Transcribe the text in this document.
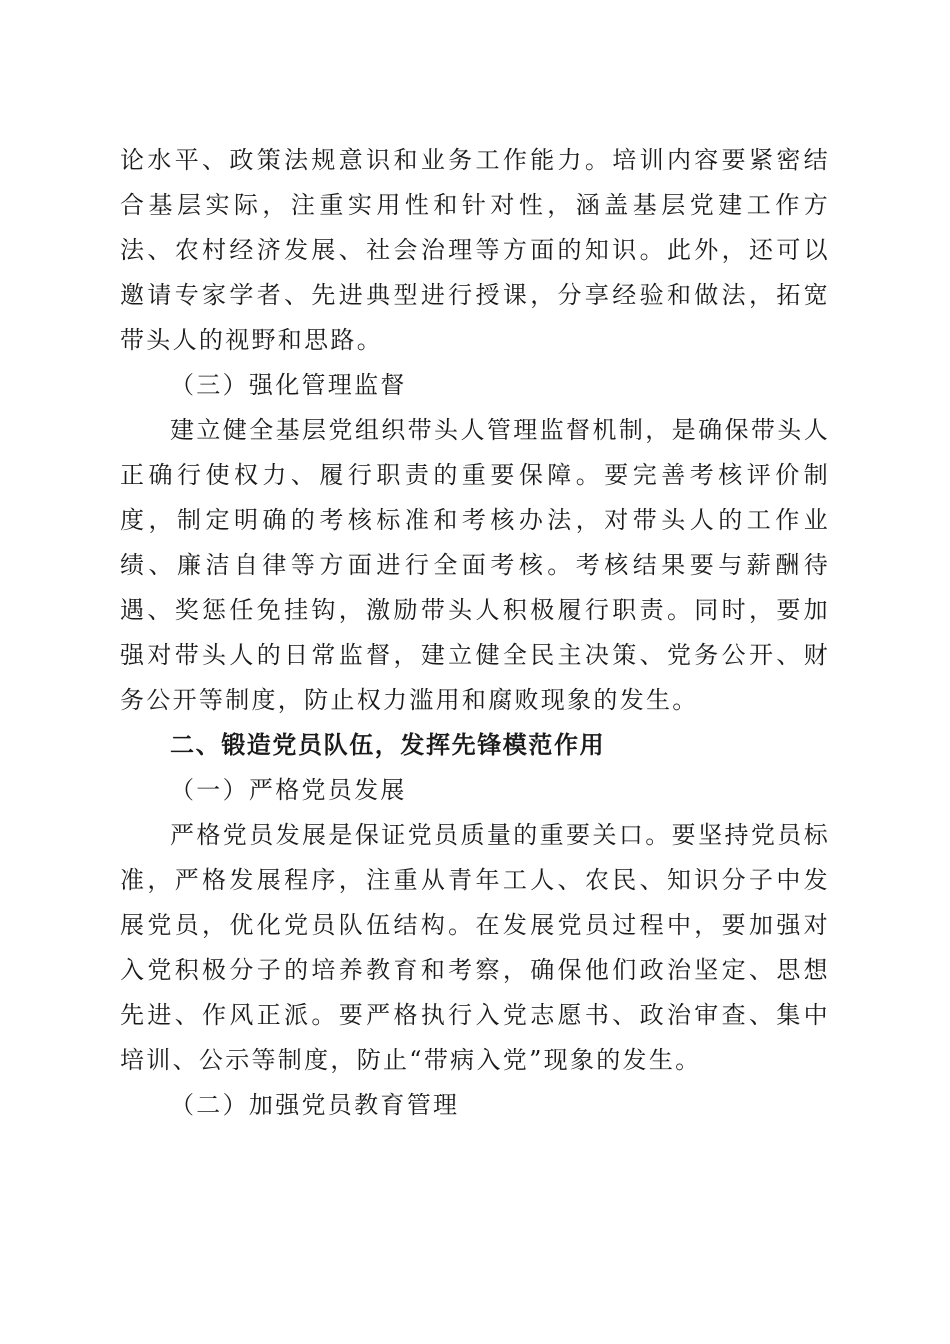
论水平、政策法规意识和业务工作能力。培训内容要紧密结合基层实际，注重实用性和针对性，涵盖基层党建工作方法、农村经济发展、社会治理等方面的知识。此外，还可以邀请专家学者、先进典型进行授课，分享经验和做法，拓宽带头人的视野和思路。

（三）强化管理监督

建立健全基层党组织带头人管理监督机制，是确保带头人正确行使权力、履行职责的重要保障。要完善考核评价制度，制定明确的考核标准和考核办法，对带头人的工作业绩、廉洁自律等方面进行全面考核。考核结果要与薪酬待遇、奖惩任免挂钩，激励带头人积极履行职责。同时，要加强对带头人的日常监督，建立健全民主决策、党务公开、财务公开等制度，防止权力滥用和腐败现象的发生。

二、锻造党员队伍，发挥先锋模范作用

（一）严格党员发展

严格党员发展是保证党员质量的重要关口。要坚持党员标准，严格发展程序，注重从青年工人、农民、知识分子中发展党员，优化党员队伍结构。在发展党员过程中，要加强对入党积极分子的培养教育和考察，确保他们政治坚定、思想先进、作风正派。要严格执行入党志愿书、政治审查、集中培训、公示等制度，防止“带病入党”现象的发生。

（二）加强党员教育管理
